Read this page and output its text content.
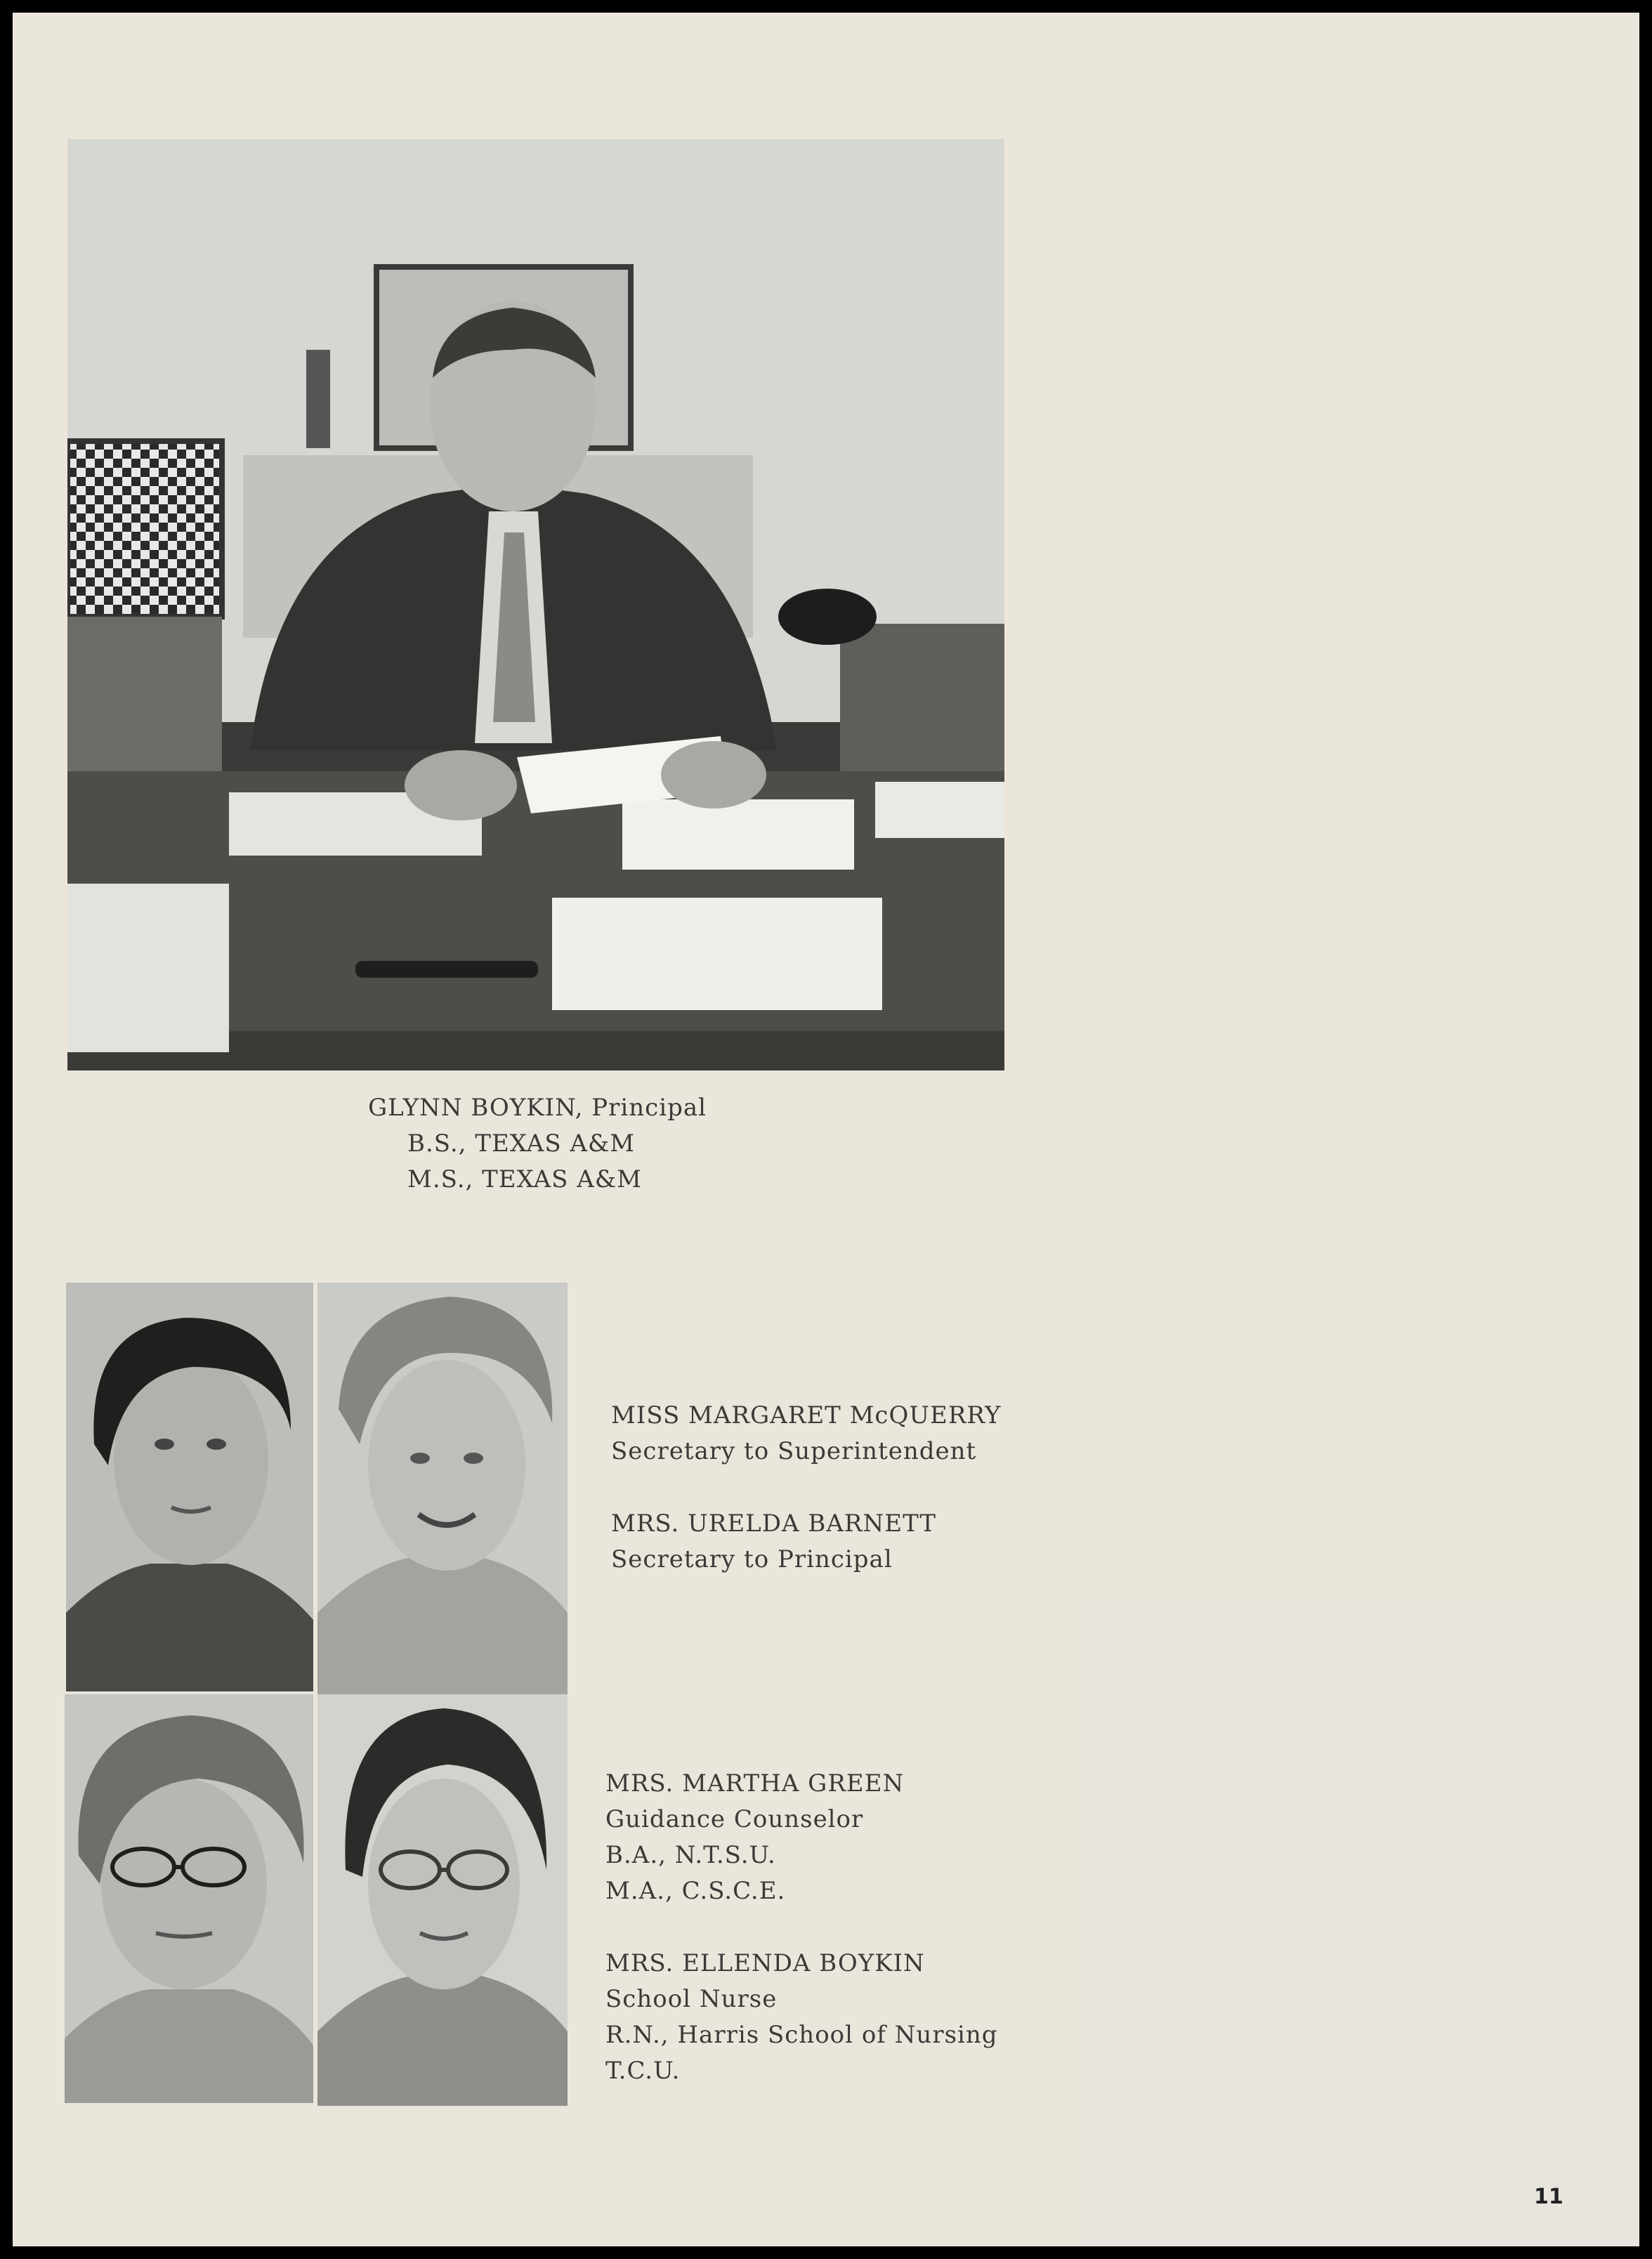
GLYNN BOYKIN, Principal
B.S., TEXAS A&M
M.S., TEXAS A&M
MISS MARGARET McQUERRY
Secretary to Superintendent
MRS. URELDA BARNETT
Secretary to Principal
MRS. MARTHA GREEN
Guidance Counselor
B.A., N.T.S.U.
M.A., C.S.C.E.
MRS. ELLENDA BOYKIN
School Nurse
R.N., Harris School of Nursing
T.C.U.
11
